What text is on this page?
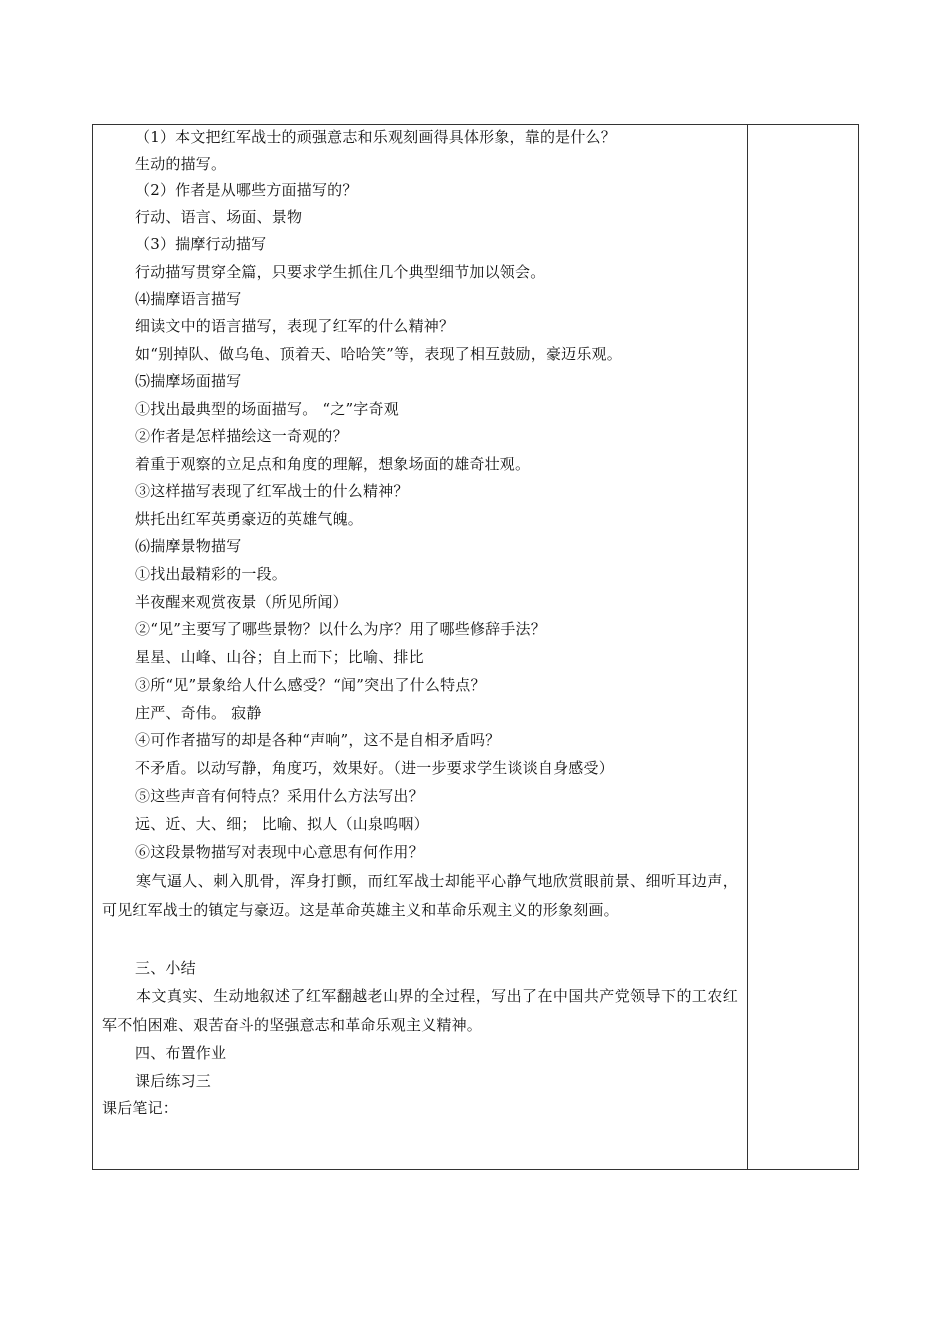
（1）本文把红军战士的顽强意志和乐观刻画得具体形象，靠的是什么？
生动的描写。
（2）作者是从哪些方面描写的？
行动、语言、场面、景物
（3）揣摩行动描写
行动描写贯穿全篇，只要求学生抓住几个典型细节加以领会。
⑷揣摩语言描写
细读文中的语言描写，表现了红军的什么精神？
如“别掉队、做乌龟、顶着天、哈哈笑”等，表现了相互鼓励，豪迈乐观。
⑸揣摩场面描写
①找出最典型的场面描写。 “之”字奇观
②作者是怎样描绘这一奇观的？
着重于观察的立足点和角度的理解，想象场面的雄奇壮观。
③这样描写表现了红军战士的什么精神？
烘托出红军英勇豪迈的英雄气魄。
⑹揣摩景物描写
①找出最精彩的一段。
半夜醒来观赏夜景（所见所闻）
②“见”主要写了哪些景物？以什么为序？用了哪些修辞手法？
星星、山峰、山谷；自上而下；比喻、排比
③所“见”景象给人什么感受？“闻”突出了什么特点？
庄严、奇伟。 寂静
④可作者描写的却是各种“声响”，这不是自相矛盾吗？
不矛盾。以动写静，角度巧，效果好。（进一步要求学生谈谈自身感受）
⑤这些声音有何特点？采用什么方法写出？
远、近、大、细； 比喻、拟人（山泉呜咽）
⑥这段景物描写对表现中心意思有何作用？
寒气逼人、刺入肌骨，浑身打颤，而红军战士却能平心静气地欣赏眼前景、细听耳边声，可见红军战士的镇定与豪迈。这是革命英雄主义和革命乐观主义的形象刻画。
三、小结
本文真实、生动地叙述了红军翻越老山界的全过程，写出了在中国共产党领导下的工农红军不怕困难、艰苦奋斗的坚强意志和革命乐观主义精神。
四、布置作业
课后练习三
课后笔记：
